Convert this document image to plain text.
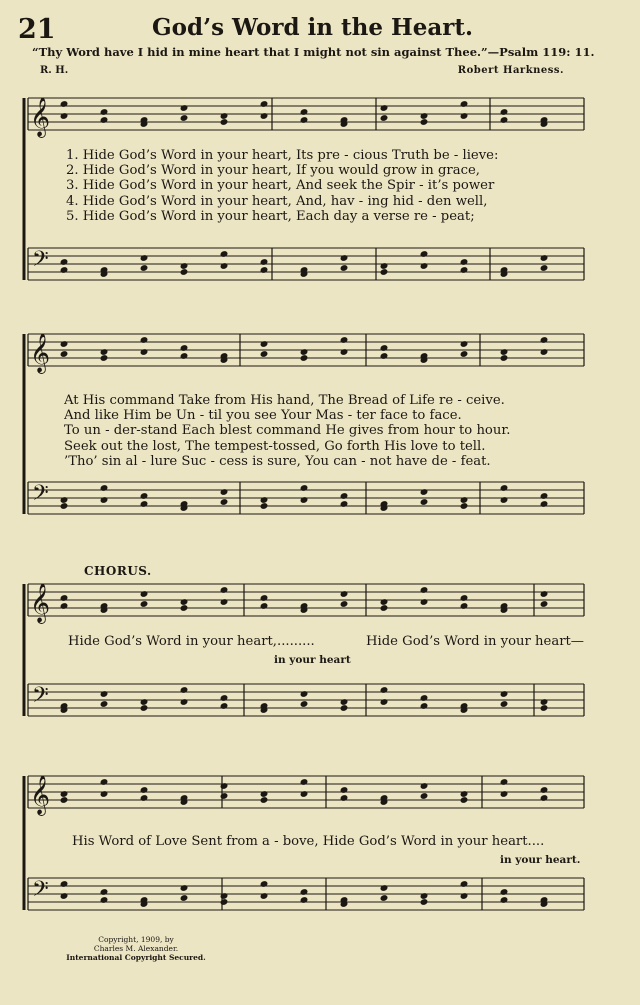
21	God’s Word in the Heart.
“Thy Word have I hid in mine heart that I might not sin against Thee.”—Psalm 119: 11.
R. H.	Robert Harkness.
𝄞
𝄢
𝄞
𝄢
𝄞
𝄢
𝄞
𝄢
1. Hide God’s Word in your heart, Its pre - cious Truth be - lieve:
2. Hide God’s Word in your heart, If you would grow in grace,
3. Hide God’s Word in your heart, And seek the Spir - it’s power
4. Hide God’s Word in your heart, And, hav - ing hid - den well,
5. Hide God’s Word in your heart, Each day a verse re - peat;
At His command Take from His hand, The Bread of Life re - ceive.
And like Him be Un - til you see Your Mas - ter face to face.
To un - der-stand Each blest command He gives from hour to hour.
Seek out the lost, The tempest-tossed, Go forth His love to tell.
’Tho’ sin al - lure Suc - cess is sure, You can - not have de - feat.
CHORUS.
Hide God’s Word in your heart,.........
in your heart
Hide God’s Word in your heart—
His Word of Love Sent from a - bove, Hide God’s Word in your heart....
in your heart.
Copyright, 1909, by
Charles M. Alexander.
International Copyright Secured.
